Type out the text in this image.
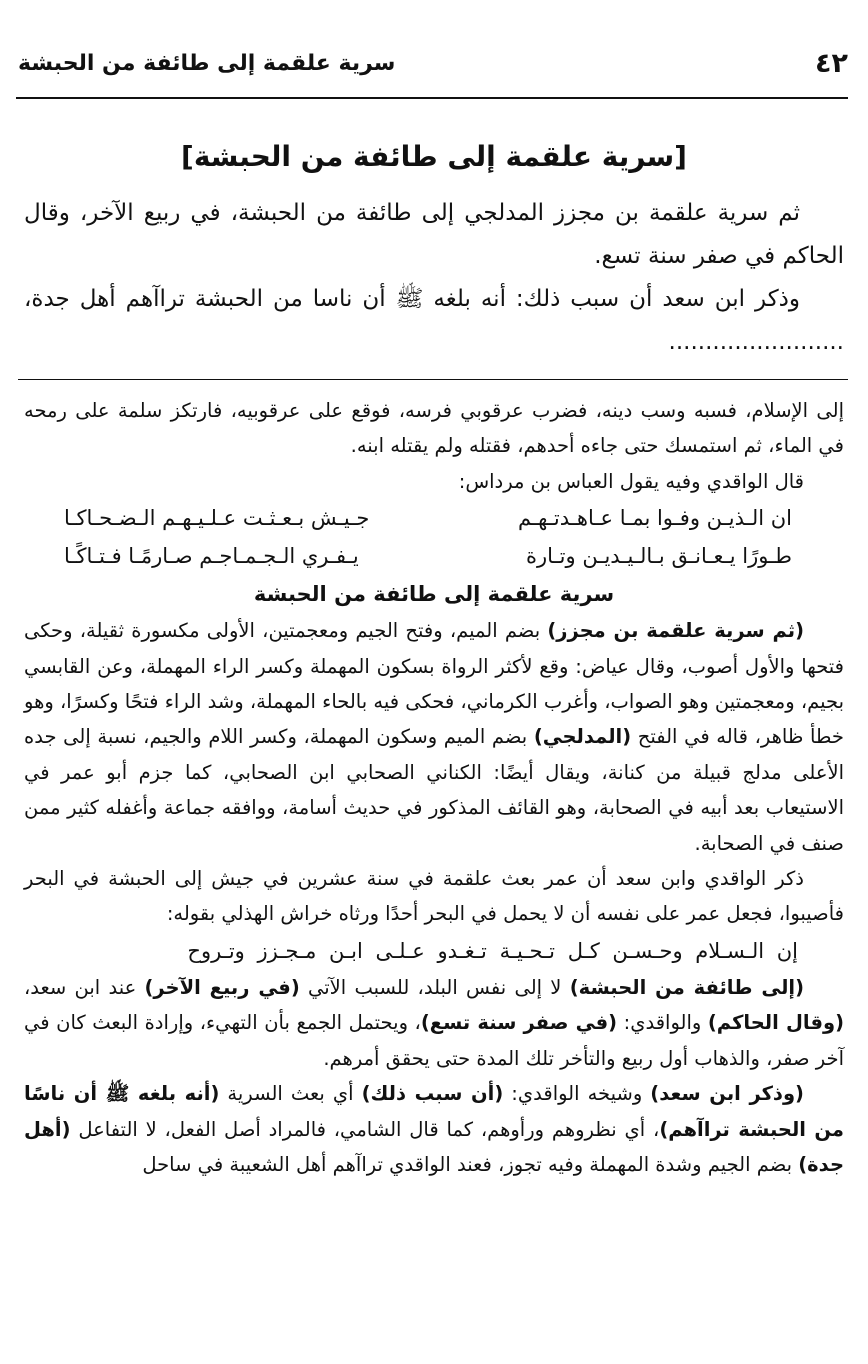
٤٢
سرية علقمة إلى طائفة من الحبشة
[سرية علقمة إلى طائفة من الحبشة]

ثم سرية علقمة بن مجزز المدلجي إلى طائفة من الحبشة، في ربيع الآخر، وقال الحاكم في صفر سنة تسع.

وذكر ابن سعد أن سبب ذلك: أنه بلغه ﷺ أن ناسا من الحبشة تراآهم أهل جدة، ........................

إلى الإسلام، فسبه وسب دينه، فضرب عرقوبي فرسه، فوقع على عرقوبيه، فارتكز سلمة على رمحه في الماء، ثم استمسك حتى جاءه أحدهم، فقتله ولم يقتله ابنه.

قال الواقدي وفيه يقول العباس بن مرداس:

ان الـذيـن وفـوا بمـا عـاهـدتـهـم
جـيـش بـعـثـت عـلـيـهـم الـضـحـاكـا
طـورًا يـعـانـق بـالـيـديـن وتـارة
يـفـري الـجـمـاجـم صـارمًـا فـتـاكًـا

سرية علقمة إلى طائفة من الحبشة

(ثم سرية علقمة بن مجزز) بضم الميم، وفتح الجيم ومعجمتين، الأولى مكسورة ثقيلة، وحكى فتحها والأول أصوب، وقال عياض: وقع لأكثر الرواة بسكون المهملة وكسر الراء المهملة، وعن القابسي بجيم، ومعجمتين وهو الصواب، وأغرب الكرماني، فحكى فيه بالحاء المهملة، وشد الراء فتحًا وكسرًا، وهو خطأ ظاهر، قاله في الفتح (المدلجي) بضم الميم وسكون المهملة، وكسر اللام والجيم، نسبة إلى جده الأعلى مدلج قبيلة من كنانة، ويقال أيضًا: الكناني الصحابي ابن الصحابي، كما جزم أبو عمر في الاستيعاب بعد أبيه في الصحابة، وهو القائف المذكور في حديث أسامة، ووافقه جماعة وأغفله كثير ممن صنف في الصحابة.

ذكر الواقدي وابن سعد أن عمر بعث علقمة في سنة عشرين في جيش إلى الحبشة في البحر فأصيبوا، فجعل عمر على نفسه أن لا يحمل في البحر أحدًا ورثاه خراش الهذلي بقوله:

إن الـسـلام وحـسـن كـل تـحـيـة تـغـدو عـلـى ابـن مـجـزز وتـروح

(إلى طائفة من الحبشة) لا إلى نفس البلد، للسبب الآتي (في ربيع الآخر) عند ابن سعد، (وقال الحاكم) والواقدي: (في صفر سنة تسع)، ويحتمل الجمع بأن التهيء، وإرادة البعث كان في آخر صفر، والذهاب أول ربيع والتأخر تلك المدة حتى يحقق أمرهم.

(وذكر ابن سعد) وشيخه الواقدي: (أن سبب ذلك) أي بعث السرية (أنه بلغه ﷺ أن ناسًا من الحبشة تراآهم)، أي نظروهم ورأوهم، كما قال الشامي، فالمراد أصل الفعل، لا التفاعل (أهل جدة) بضم الجيم وشدة المهملة وفيه تجوز، فعند الواقدي تراآهم أهل الشعيبة في ساحل
